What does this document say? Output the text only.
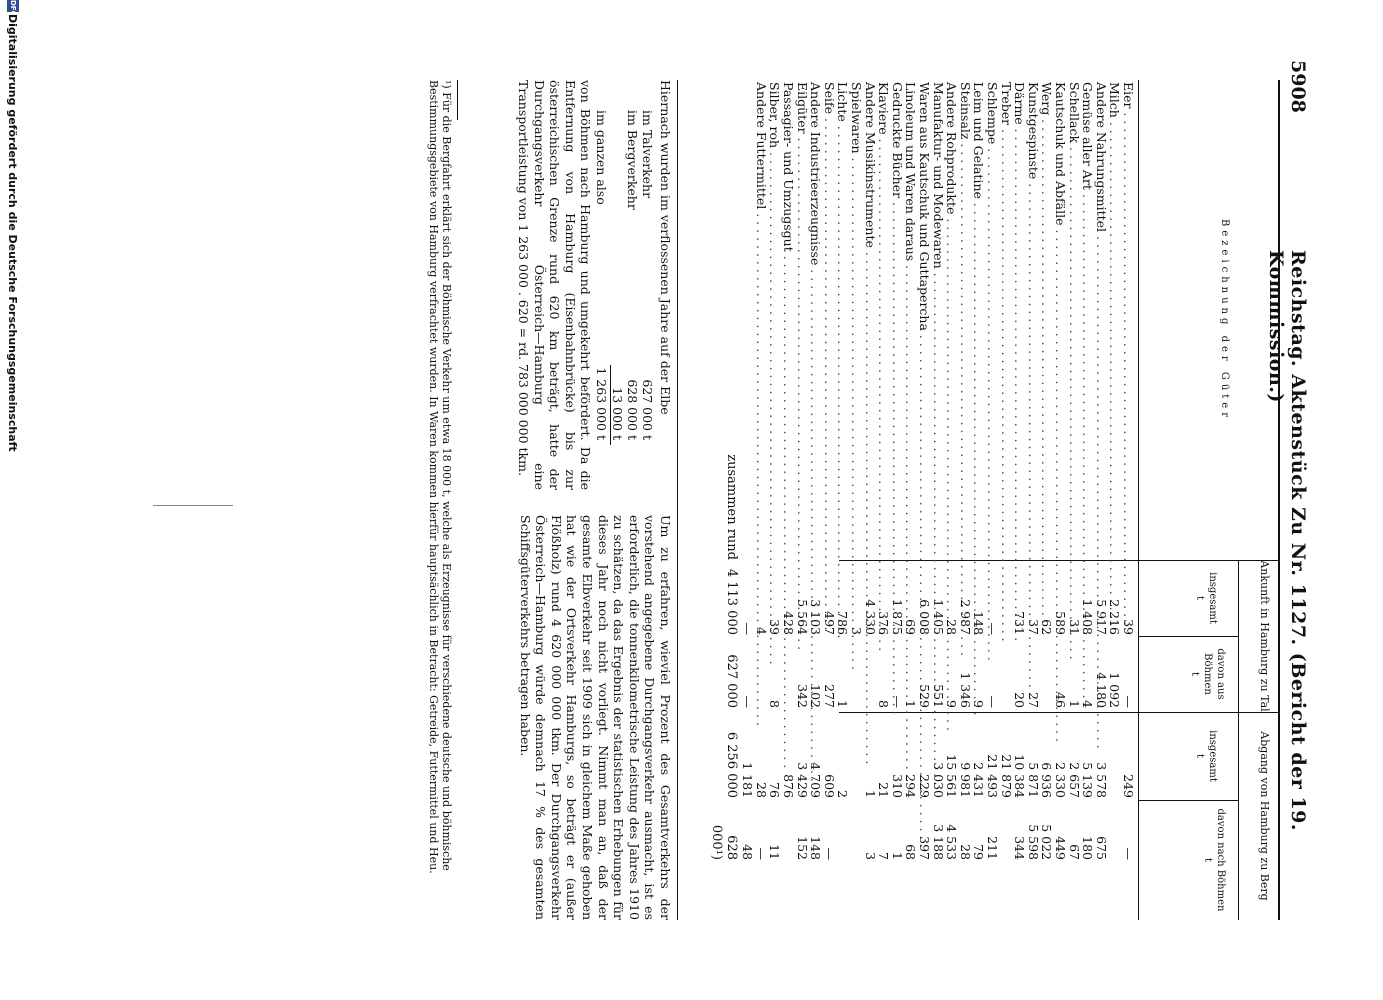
5908
Reichstag. Aktenstück Zu Nr. 1127. (Bericht der 19. Kommission.)
Bezeichnung der Güter
Ankunft in Hamburg zu Tal
Abgang von Hamburg zu Berg
insgesamt
t
davon aus Böhmen
t
insgesamt
t
davon nach Böhmen
t
Eier . . .
39
—
249
—
Milch . . .
2 216
1 092
Andere Nahrungsmittel . . .
5 917
4 180
3 578
675
Gemüse aller Art . . .
1 408
4
5 139
180
Schellack . . .
31
1
2 657
67
Kautschuk und Abfälle . . .
589
46
2 330
449
Werg . . .
62
6 936
5 022
Kunstgespinste . . .
37
27
5 871
5 598
Därme . . .
731
20
10 384
344
Treber . . .
21 879
Schlempe . . .
—
—
21 493
211
Leim und Gelatine . . .
148
9
2 431
79
Steinsalz . . .
2 987
1 346
9 981
28
Andere Rohprodukte . . .
28
9
15 561
4 533
Manufaktur- und Modewaren . . .
1 405
551
3 030
3 188
Waren aus Kautschuk und Guttapercha . . .
6 008
529
229
397
Linoleum und Waren daraus . . .
69
1
294
68
Gedruckte Bücher . . .
1 875
—
310
1
Klaviere . . .
376
8
21
7
Andere Musikinstrumente . . .
4 330
1
3
Spielwaren . . .
3
Lichte . . .
786
1
2
Seife . . .
497
277
609
—
Andere Industrieerzeugnisse . . .
3 103
102
4 709
148
Eilgüter . . .
5 564
342
3 429
152
Passagier- und Umzugsgut . . .
428
876
Silber, roh . . .
39
8
76
11
Andere Futtermittel . . .
4
28
—
—
—
1 181
48
zusammen rund
4 113 000
627 000
6 256 000
628 000¹)

Hiernach wurden im verflossenen Jahre auf der Elbe

im Talverkehr
627 000 t
im Bergverkehr
628 000 t
13 000 t
im ganzen also
1 263 000 t

von Böhmen nach Hamburg und umgekehrt befördert. Da die Entfernung von Hamburg (Eisenbahnbrücke) bis zur österreichischen Grenze rund 620 km beträgt, hatte der Durchgangsverkehr Österreich—Hamburg eine Transportleistung von 1 263 000 . 620 = rd. 783 000 000 tkm.

Um zu erfahren, wieviel Prozent des Gesamtverkehrs der vorstehend angegebene Durchgangsverkehr ausmacht, ist es erforderlich, die tonnenkilometrische Leistung des Jahres 1910 zu schätzen, da das Ergebnis der statistischen Erhebungen für dieses Jahr noch nicht vorliegt. Nimmt man an, daß der gesamte Elbverkehr seit 1909 sich in gleichem Maße gehoben hat wie der Ortsverkehr Hamburgs, so beträgt er (außer Flößholz) rund 4 620 000 000 tkm. Der Durchgangsverkehr Österreich—Hamburg würde demnach 17 % des gesamten Schiffsgüterverkehrs betragen haben.

¹) Für die Bergfahrt erklärt sich der Böhmische Verkehr um etwa 18 000 t, welche als Erzeugnisse für verschiedene deutsche und böhmische Bestimmungsgebiete von Hamburg verfrachtet wurden. In Waren kommen hierfür hauptsächlich in Betracht: Getreide, Futtermittel und Heu.

DFG
Digitalisierung gefördert durch die Deutsche Forschungsgemeinschaft
